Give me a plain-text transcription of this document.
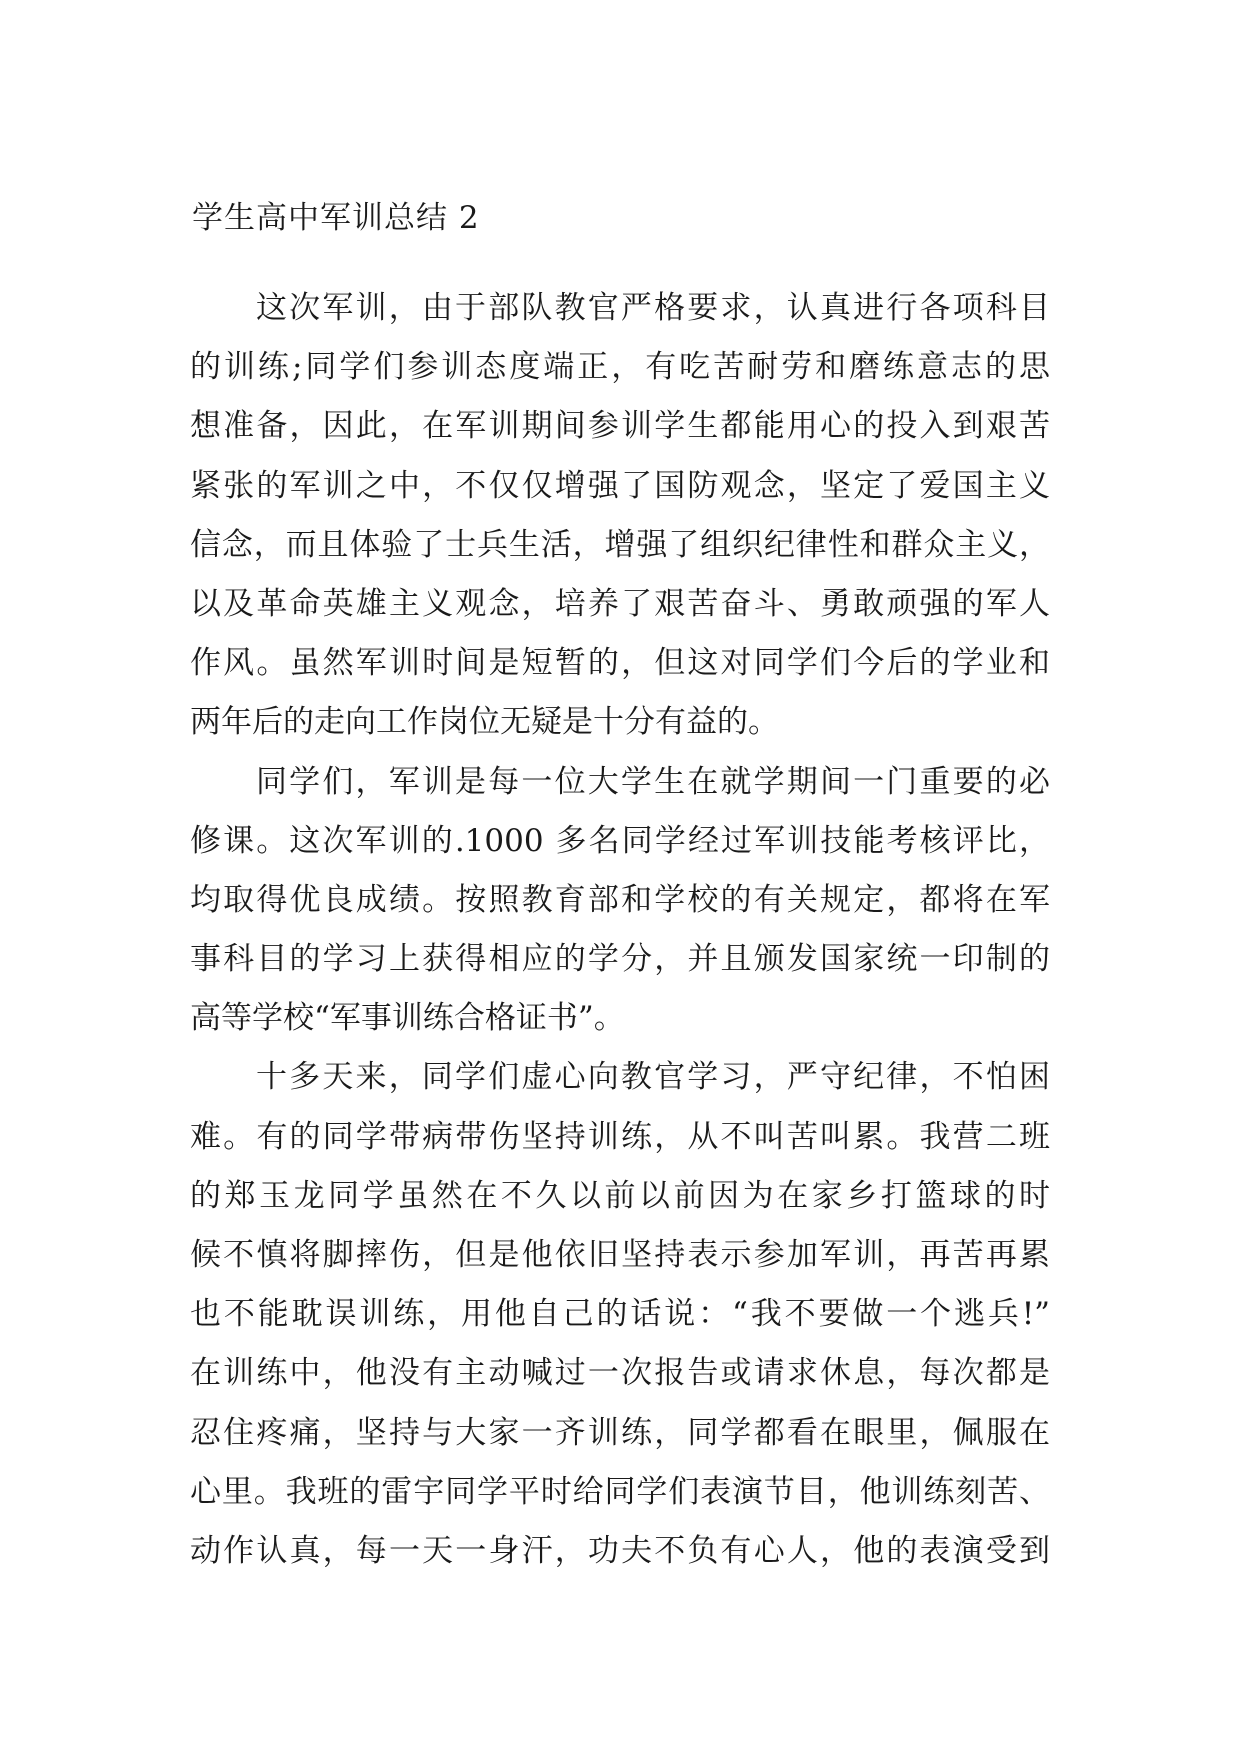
学生高中军训总结 2
这次军训，由于部队教官严格要求，认真进行各项科目
的训练;同学们参训态度端正，有吃苦耐劳和磨练意志的思
想准备，因此，在军训期间参训学生都能用心的投入到艰苦
紧张的军训之中，不仅仅增强了国防观念，坚定了爱国主义
信念，而且体验了士兵生活，增强了组织纪律性和群众主义，
以及革命英雄主义观念，培养了艰苦奋斗、勇敢顽强的军人
作风。虽然军训时间是短暂的，但这对同学们今后的学业和
两年后的走向工作岗位无疑是十分有益的。
同学们，军训是每一位大学生在就学期间一门重要的必
修课。这次军训的.1000 多名同学经过军训技能考核评比，
均取得优良成绩。按照教育部和学校的有关规定，都将在军
事科目的学习上获得相应的学分，并且颁发国家统一印制的
高等学校“军事训练合格证书”。
十多天来，同学们虚心向教官学习，严守纪律，不怕困
难。有的同学带病带伤坚持训练，从不叫苦叫累。我营二班
的郑玉龙同学虽然在不久以前以前因为在家乡打篮球的时
候不慎将脚摔伤，但是他依旧坚持表示参加军训，再苦再累
也不能耽误训练，用他自己的话说：“我不要做一个逃兵!”
在训练中，他没有主动喊过一次报告或请求休息，每次都是
忍住疼痛，坚持与大家一齐训练，同学都看在眼里，佩服在
心里。我班的雷宇同学平时给同学们表演节目，他训练刻苦、
动作认真，每一天一身汗，功夫不负有心人，他的表演受到
